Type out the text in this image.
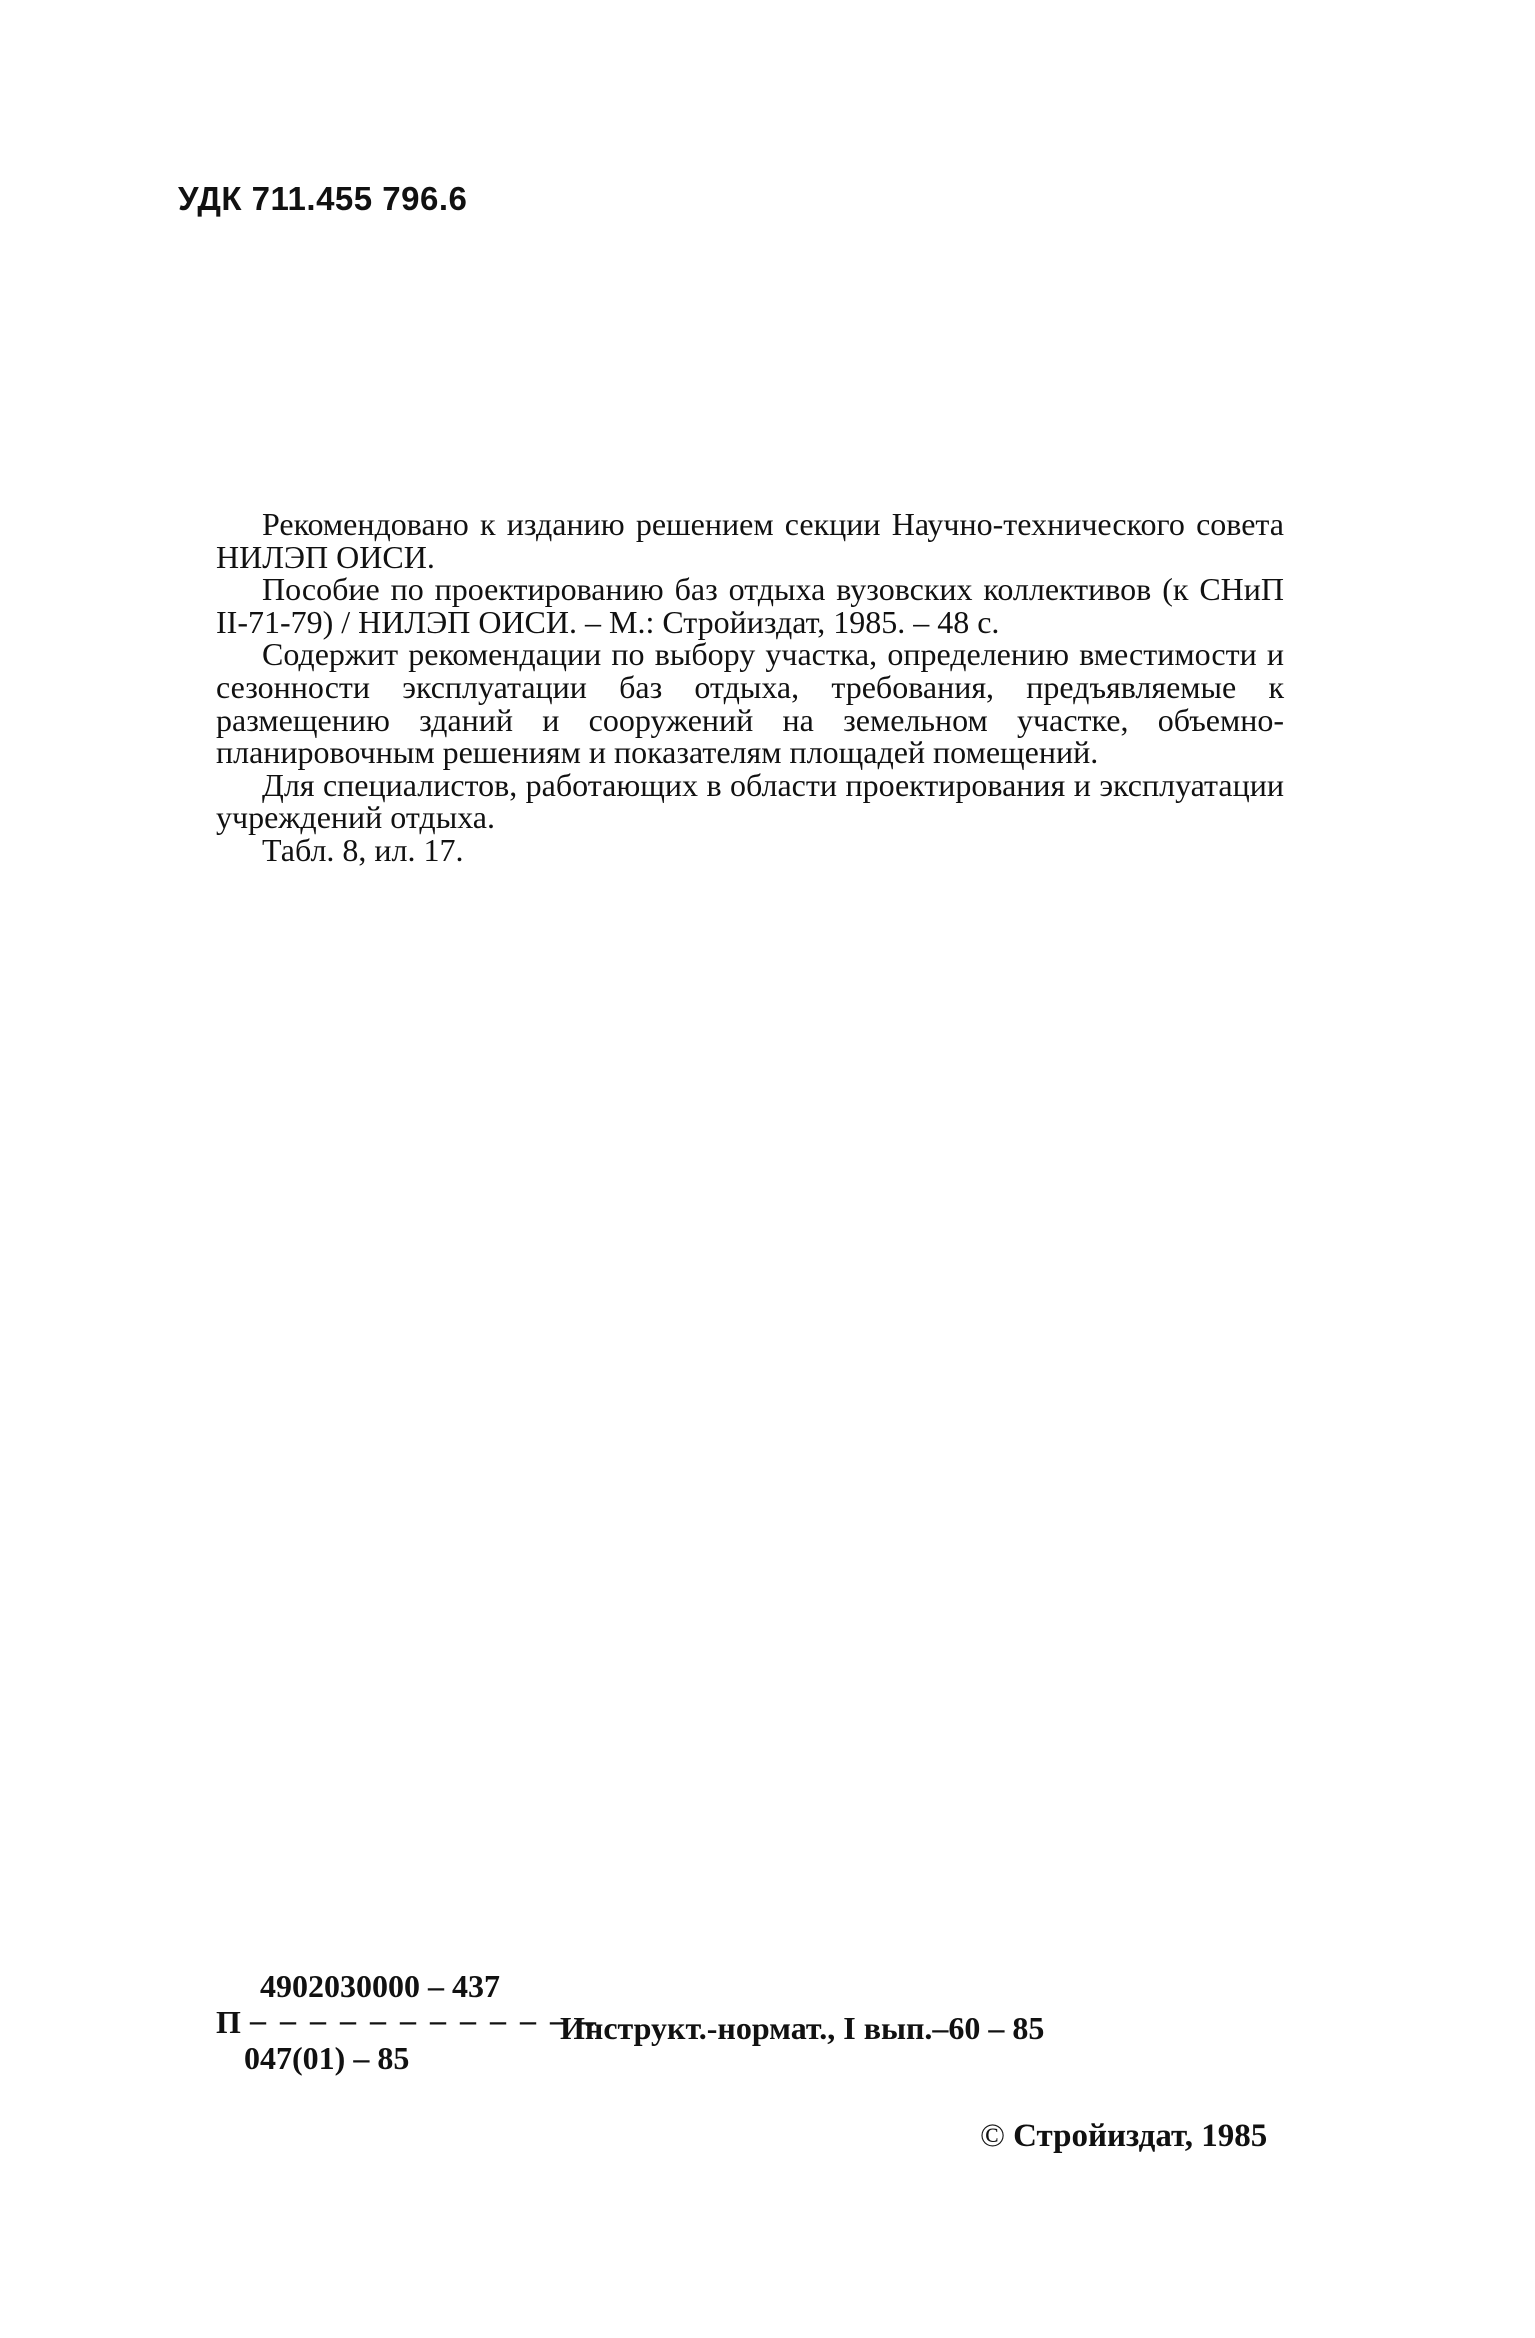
УДК 711.455 796.6

Рекомендовано к изданию решением секции Научно-технического совета НИЛЭП ОИСИ.

Пособие по проектированию баз отдыха вузовских коллективов (к СНиП II-71-79) / НИЛЭП ОИСИ. – М.: Стройиздат, 1985. – 48 с.

Содержит рекомендации по выбору участка, определению вместимости и сезонности эксплуатации баз отдыха, требования, предъявляемые к размещению зданий и сооружений на земельном участке, объемно-планировочным решениям и показателям площадей помещений.

Для специалистов, работающих в области проектирования и эксплуатации учреждений отдыха.

Табл. 8, ил. 17.

П
4902030000 – 437
– – – – – – – – – – – –
047(01) – 85
Инструкт.-нормат., I вып.–60 – 85
© Стройиздат, 1985
